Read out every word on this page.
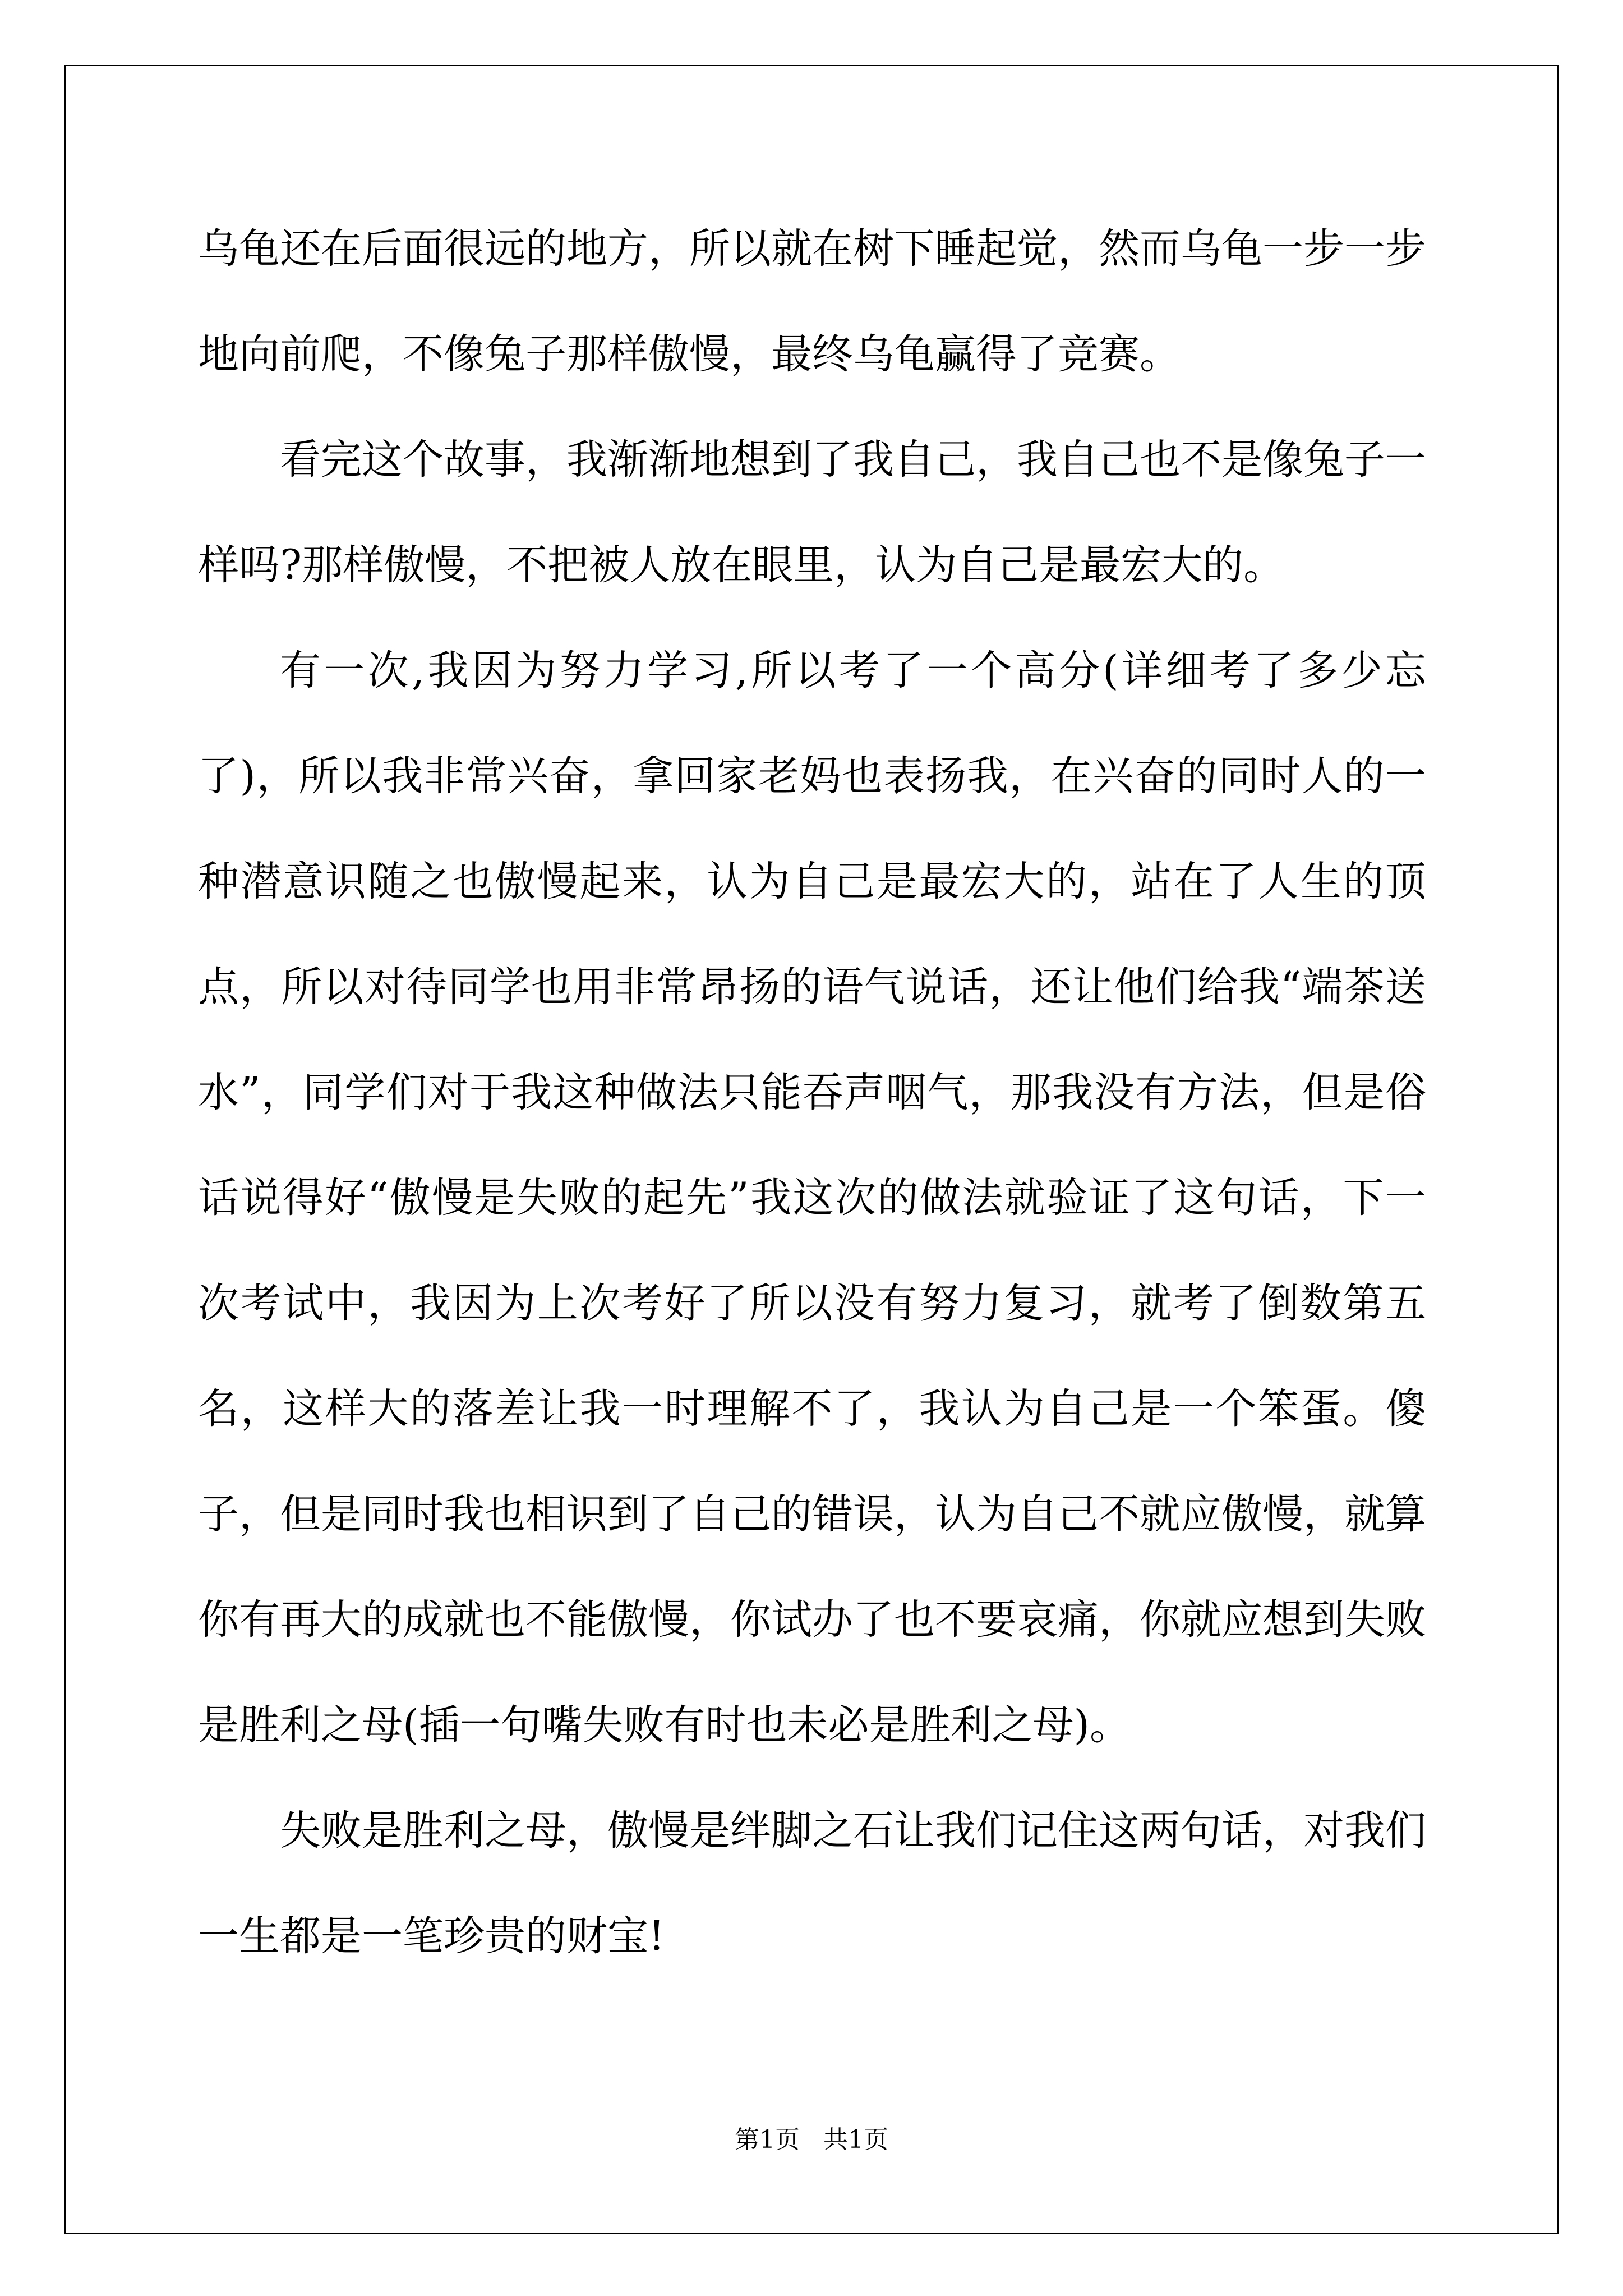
乌龟还在后面很远的地方，所以就在树下睡起觉，然而乌龟一步一步地向前爬，不像兔子那样傲慢，最终乌龟赢得了竞赛。

看完这个故事，我渐渐地想到了我自己，我自己也不是像兔子一样吗?那样傲慢，不把被人放在眼里，认为自己是最宏大的。

有一次,我因为努力学习,所以考了一个高分(详细考了多少忘了)，所以我非常兴奋，拿回家老妈也表扬我，在兴奋的同时人的一种潜意识随之也傲慢起来，认为自己是最宏大的，站在了人生的顶点，所以对待同学也用非常昂扬的语气说话，还让他们给我“端茶送水”，同学们对于我这种做法只能吞声咽气，那我没有方法，但是俗话说得好“傲慢是失败的起先”我这次的做法就验证了这句话，下一次考试中，我因为上次考好了所以没有努力复习，就考了倒数第五名，这样大的落差让我一时理解不了，我认为自己是一个笨蛋。傻子，但是同时我也相识到了自己的错误，认为自己不就应傲慢，就算你有再大的成就也不能傲慢，你试办了也不要哀痛，你就应想到失败是胜利之母(插一句嘴失败有时也未必是胜利之母)。

失败是胜利之母，傲慢是绊脚之石让我们记住这两句话，对我们一生都是一笔珍贵的财宝!

第1页   共1页
